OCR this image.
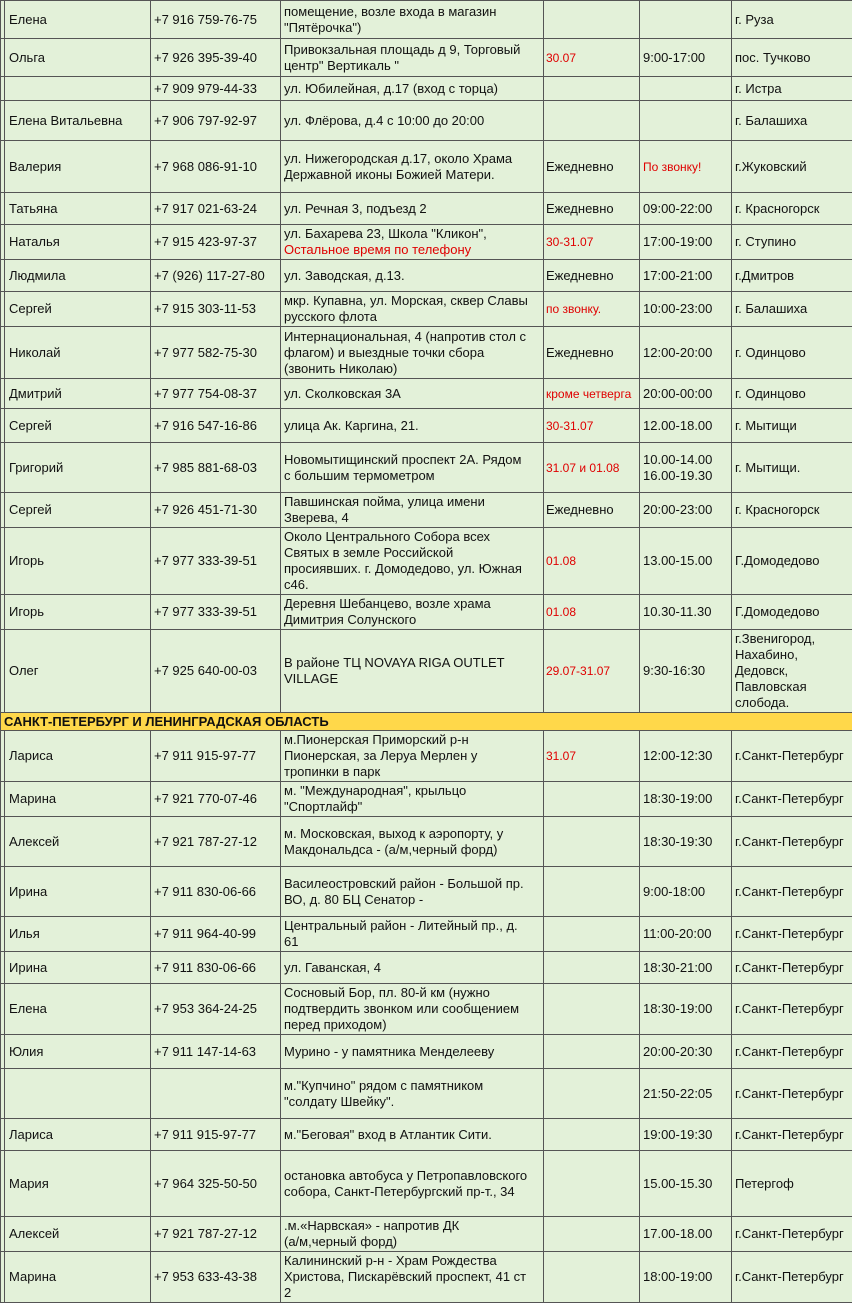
	Елена	+7 916 759-76-75	помещение, возле входа в магазин
"Пятёрочка")			г. Руза

	Ольга	+7 926 395-39-40	Привокзальная площадь д 9, Торговый
центр" Вертикаль "	30.07	9:00-17:00	пос. Тучково

		+7 909 979-44-33	ул. Юбилейная, д.17 (вход с торца)			г. Истра

	Елена Витальевна	+7 906 797-92-97	ул. Флёрова, д.4 с 10:00 до 20:00			г. Балашиха

	Валерия	+7 968 086-91-10	ул. Нижегородская д.17, около Храма
Державной иконы Божией Матери.	Ежедневно	По звонку!	г.Жуковский

	Татьяна	+7 917 021-63-24	ул. Речная 3, подъезд 2	Ежедневно	09:00-22:00	г. Красногорск

	Наталья	+7 915 423-97-37	ул. Бахарева 23, Школа "Кликон",
Остальное время по телефону	30-31.07	17:00-19:00	г. Ступино

	Людмила	+7 (926) 117-27-80	ул. Заводская, д.13.	Ежедневно	17:00-21:00	г.Дмитров

	Сергей	+7 915 303-11-53	мкр. Купавна, ул. Морская, сквер Славы
русского флота	по звонку.	10:00-23:00	г. Балашиха

	Николай	+7 977 582-75-30	Интернациональная, 4 (напротив стол с
флагом) и выездные точки сбора
(звонить Николаю)	Ежедневно	12:00-20:00	г. Одинцово

	Дмитрий	+7 977 754-08-37	ул. Сколковская 3А	кроме четверга	20:00-00:00	г. Одинцово

	Сергей	+7 916 547-16-86	улица Ак. Каргина, 21.	30-31.07	12.00-18.00	г. Мытищи

	Григорий	+7 985 881-68-03	Новомытищинский проспект 2А. Рядом
с большим термометром	31.07 и 01.08	10.00-14.00
16.00-19.30	г. Мытищи.

	Сергей	+7 926 451-71-30	Павшинская пойма, улица имени
Зверева, 4	Ежедневно	20:00-23:00	г. Красногорск

	Игорь	+7 977 333-39-51	Около Центрального Собора всех
Святых в земле Российской
просиявших. г. Домодедово, ул. Южная
с46.	01.08	13.00-15.00	Г.Домодедово

	Игорь	+7 977 333-39-51	Деревня Шебанцево, возле храма
Димитрия Солунского	01.08	10.30-11.30	Г.Домодедово

	Олег	+7 925 640-00-03	В районе ТЦ NOVAYA RIGA OUTLET
VILLAGE	29.07-31.07	9:30-16:30	г.Звенигород,
Нахабино,
Дедовск,
Павловская
слобода.

САНКТ-ПЕТЕРБУРГ И ЛЕНИНГРАДСКАЯ ОБЛАСТЬ						
	Лариса	+7 911 915-97-77	м.Пионерская Приморский р-н
Пионерская, за Леруа Мерлен у
тропинки в парк	31.07	12:00-12:30	г.Санкт-Петербург

	Марина	+7 921 770-07-46	м. "Международная", крыльцо
"Спортлайф"		18:30-19:00	г.Санкт-Петербург

	Алексей	+7 921 787-27-12	м. Московская, выход к аэропорту, у
Макдональдса - (а/м,черный форд)		18:30-19:30	г.Санкт-Петербург

	Ирина	+7 911 830-06-66	Василеостровский район - Большой пр.
ВО, д. 80 БЦ Сенатор -		9:00-18:00	г.Санкт-Петербург

	Илья	+7 911 964-40-99	Центральный район - Литейный пр., д.
61		11:00-20:00	г.Санкт-Петербург

	Ирина	+7 911 830-06-66	ул. Гаванская, 4		18:30-21:00	г.Санкт-Петербург

	Елена	+7 953 364-24-25	Сосновый Бор, пл. 80-й км (нужно
подтвердить звонком или сообщением
перед приходом)		18:30-19:00	г.Санкт-Петербург

	Юлия	+7 911 147-14-63	Мурино - у памятника Менделееву		20:00-20:30	г.Санкт-Петербург

			м."Купчино" рядом с памятником
"солдату Швейку".		21:50-22:05	г.Санкт-Петербург

	Лариса	+7 911 915-97-77	м."Беговая" вход в Атлантик Сити.		19:00-19:30	г.Санкт-Петербург

	Мария	+7 964 325-50-50	остановка автобуса у Петропавловского
собора, Санкт-Петербургский пр-т., 34		15.00-15.30	Петергоф

	Алексей	+7 921 787-27-12	.м.«Нарвская» - напротив ДК
(а/м,черный форд)		17.00-18.00	г.Санкт-Петербург

	Марина	+7 953 633-43-38	Калининский р-н - Храм Рождества
Христова, Пискарёвский проспект, 41 ст
2		18:00-19:00	г.Санкт-Петербург
